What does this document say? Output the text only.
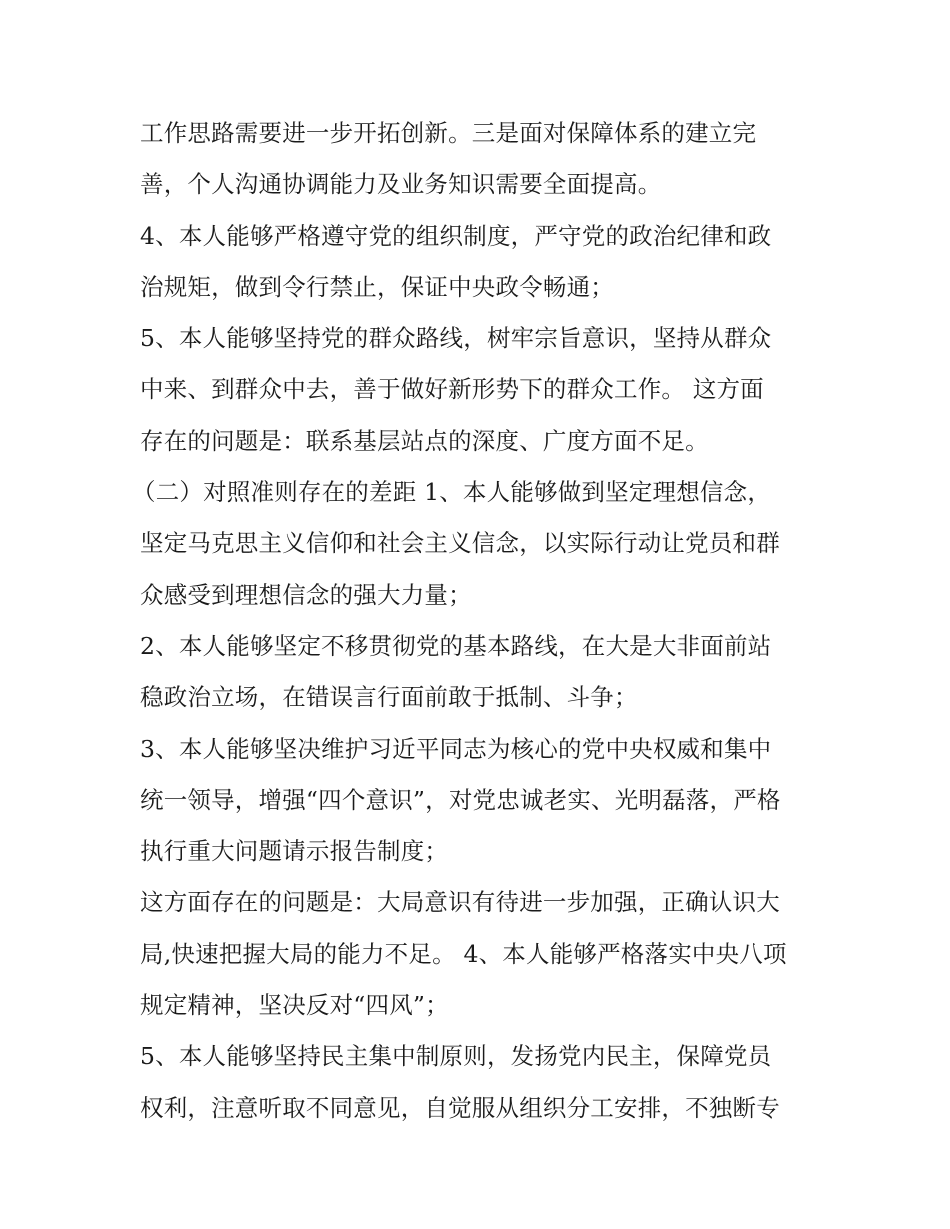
工作思路需要进一步开拓创新。三是面对保障体系的建立完
善，个人沟通协调能力及业务知识需要全面提高。
4、本人能够严格遵守党的组织制度，严守党的政治纪律和政
治规矩，做到令行禁止，保证中央政令畅通；
5、本人能够坚持党的群众路线，树牢宗旨意识，坚持从群众
中来、到群众中去，善于做好新形势下的群众工作。 这方面
存在的问题是：联系基层站点的深度、广度方面不足。
（二）对照准则存在的差距 1、本人能够做到坚定理想信念，
坚定马克思主义信仰和社会主义信念，以实际行动让党员和群
众感受到理想信念的强大力量；
2、本人能够坚定不移贯彻党的基本路线，在大是大非面前站
稳政治立场，在错误言行面前敢于抵制、斗争；
3、本人能够坚决维护习近平同志为核心的党中央权威和集中
统一领导，增强“四个意识”，对党忠诚老实、光明磊落，严格
执行重大问题请示报告制度；
这方面存在的问题是：大局意识有待进一步加强，正确认识大
局,快速把握大局的能力不足。 4、本人能够严格落实中央八项
规定精神，坚决反对“四风”；
5、本人能够坚持民主集中制原则，发扬党内民主，保障党员
权利，注意听取不同意见，自觉服从组织分工安排，不独断专
